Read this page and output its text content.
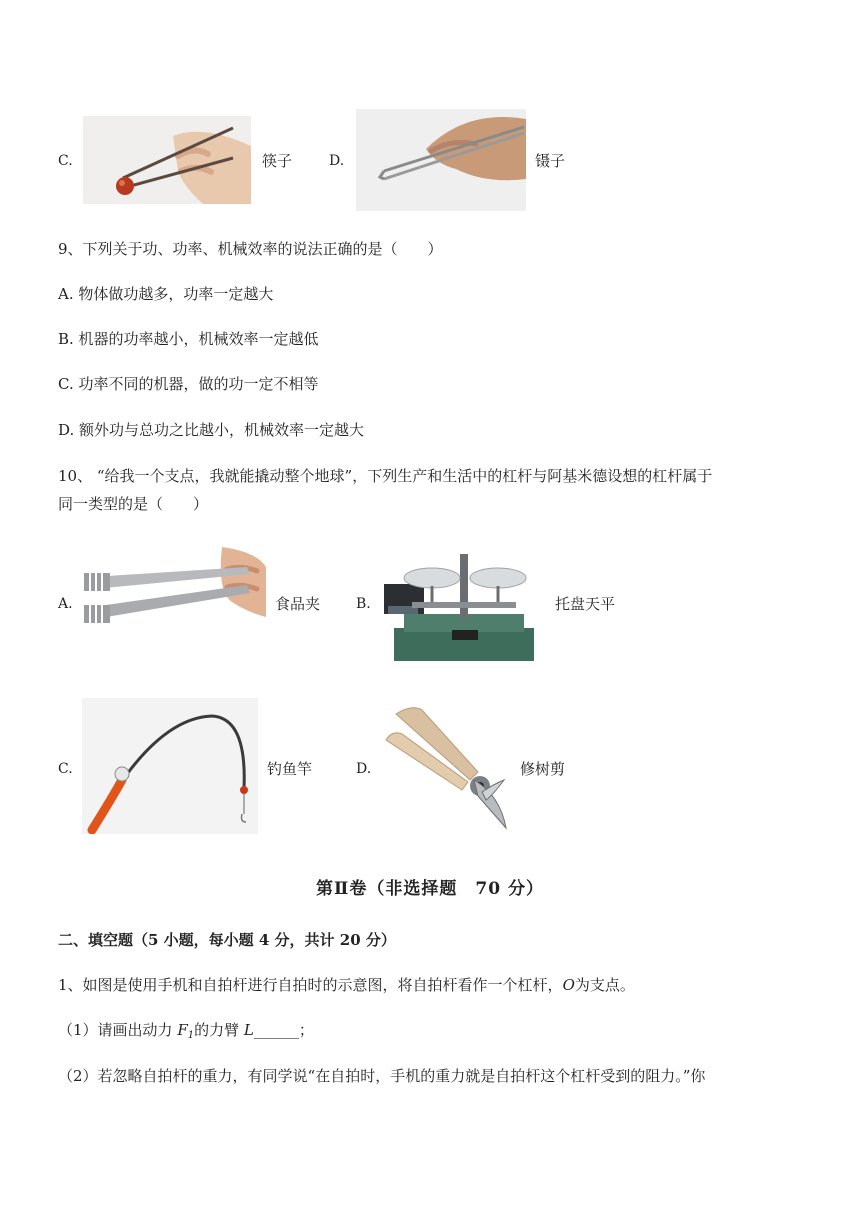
C.	筷子	D.	镊子
9、下列关于功、功率、机械效率的说法正确的是（　　）
A. 物体做功越多，功率一定越大
B. 机器的功率越小，机械效率一定越低
C. 功率不同的机器，做的功一定不相等
D. 额外功与总功之比越小，机械效率一定越大
10、 “给我一个支点，我就能撬动整个地球”，下列生产和生活中的杠杆与阿基米德设想的杠杆属于
同一类型的是（　　）
A.	食品夹	B.	托盘天平
C.	钓鱼竿	D.	修树剪
第Ⅱ卷（非选择题　70 分）
二、填空题（5 小题，每小题 4 分，共计 20 分）
1、如图是使用手机和自拍杆进行自拍时的示意图，将自拍杆看作一个杠杆，O为支点。
（1）请画出动力 $F_1$的力臂 L______；
（2）若忽略自拍杆的重力，有同学说“在自拍时，手机的重力就是自拍杆这个杠杆受到的阻力。”你
